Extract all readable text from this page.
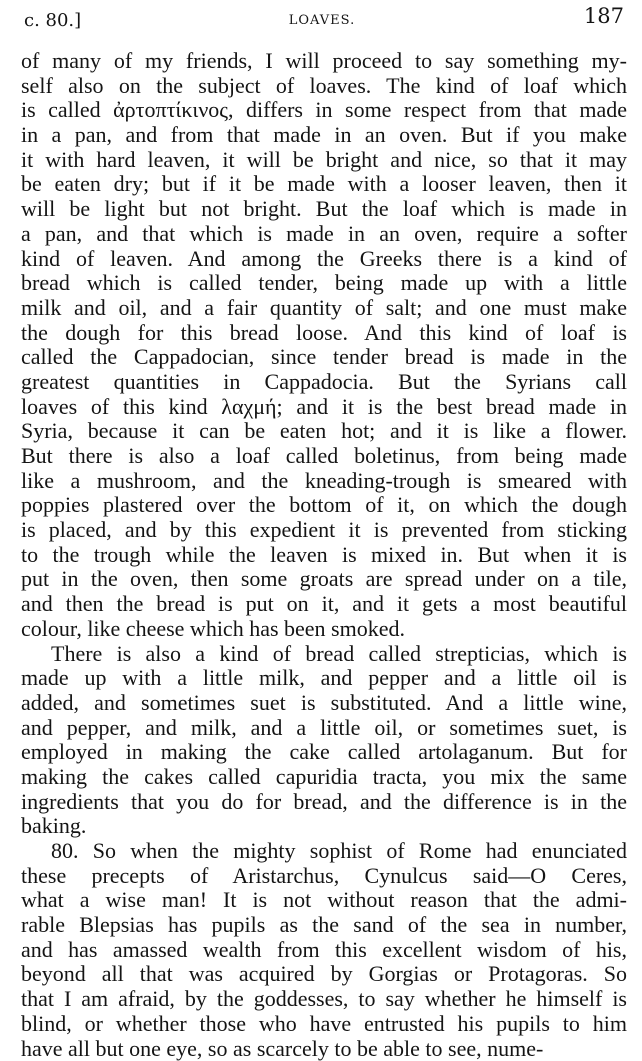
c. 80.]	LOAVES.	187
of many of my friends, I will proceed to say something my-
self also on the subject of loaves. The kind of loaf which
is called ἀρτοπτίκινος, differs in some respect from that made
in a pan, and from that made in an oven. But if you make
it with hard leaven, it will be bright and nice, so that it may
be eaten dry; but if it be made with a looser leaven, then it
will be light but not bright. But the loaf which is made in
a pan, and that which is made in an oven, require a softer
kind of leaven. And among the Greeks there is a kind of
bread which is called tender, being made up with a little
milk and oil, and a fair quantity of salt; and one must make
the dough for this bread loose. And this kind of loaf is
called the Cappadocian, since tender bread is made in the
greatest quantities in Cappadocia. But the Syrians call
loaves of this kind λαχμή; and it is the best bread made in
Syria, because it can be eaten hot; and it is like a flower.
But there is also a loaf called boletinus, from being made
like a mushroom, and the kneading-trough is smeared with
poppies plastered over the bottom of it, on which the dough
is placed, and by this expedient it is prevented from sticking
to the trough while the leaven is mixed in. But when it is
put in the oven, then some groats are spread under on a tile,
and then the bread is put on it, and it gets a most beautiful
colour, like cheese which has been smoked.
There is also a kind of bread called strepticias, which is
made up with a little milk, and pepper and a little oil is
added, and sometimes suet is substituted. And a little wine,
and pepper, and milk, and a little oil, or sometimes suet, is
employed in making the cake called artolaganum. But for
making the cakes called capuridia tracta, you mix the same
ingredients that you do for bread, and the difference is in the
baking.
80. So when the mighty sophist of Rome had enunciated
these precepts of Aristarchus, Cynulcus said—O Ceres,
what a wise man! It is not without reason that the admi-
rable Blepsias has pupils as the sand of the sea in number,
and has amassed wealth from this excellent wisdom of his,
beyond all that was acquired by Gorgias or Protagoras. So
that I am afraid, by the goddesses, to say whether he himself is
blind, or whether those who have entrusted his pupils to him
have all but one eye, so as scarcely to be able to see, nume-
